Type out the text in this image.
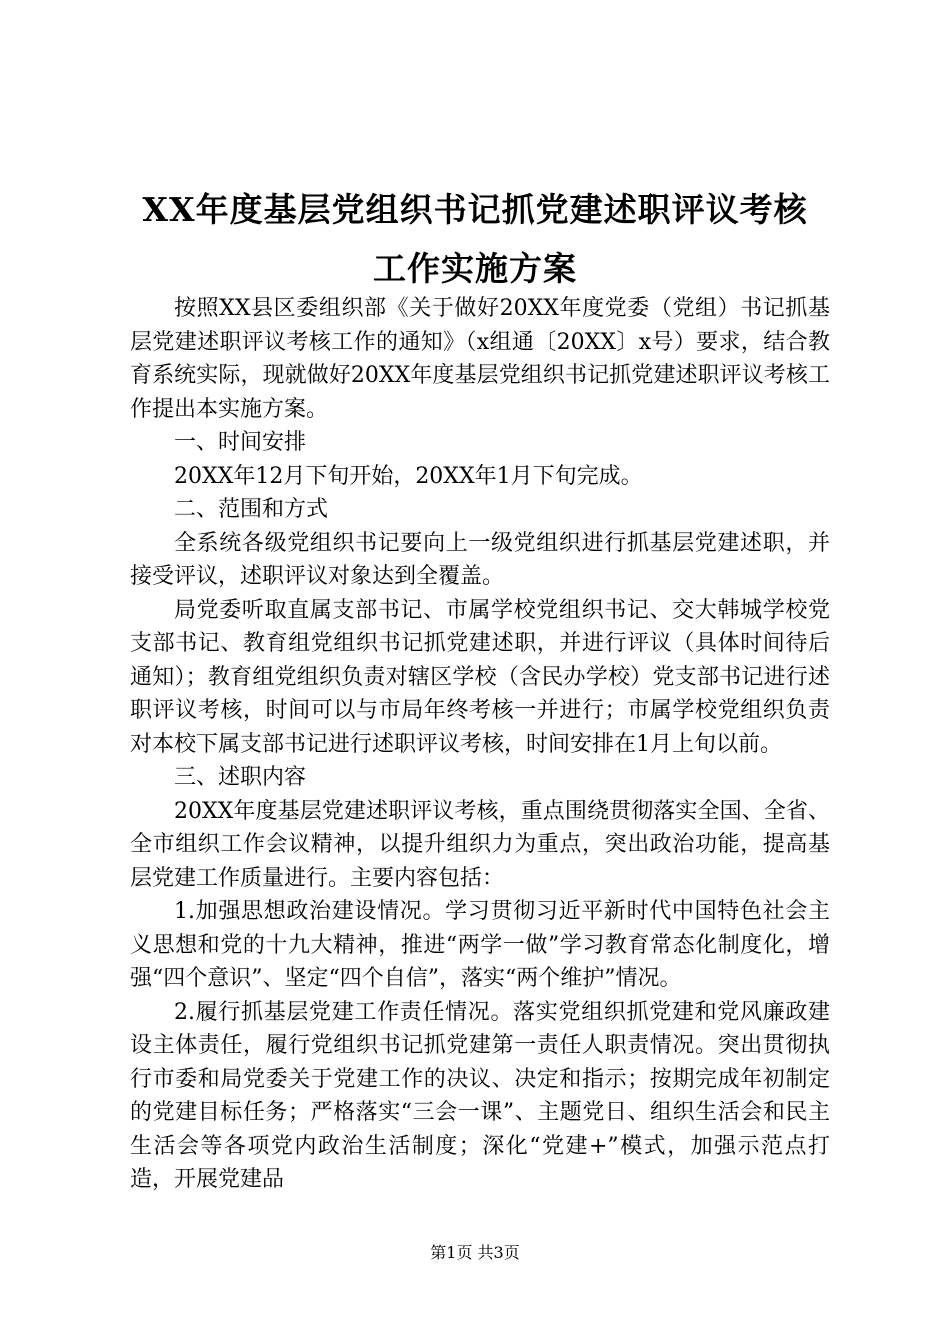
XX年度基层党组织书记抓党建述职评议考核
工作实施方案

按照XX县区委组织部《关于做好20XX年度党委（党组）书记抓基层党建述职评议考核工作的通知》（x组通〔20XX〕x号）要求，结合教育系统实际，现就做好20XX年度基层党组织书记抓党建述职评议考核工作提出本实施方案。

一、时间安排

20XX年12月下旬开始，20XX年1月下旬完成。

二、范围和方式

全系统各级党组织书记要向上一级党组织进行抓基层党建述职，并接受评议，述职评议对象达到全覆盖。

局党委听取直属支部书记、市属学校党组织书记、交大韩城学校党支部书记、教育组党组织书记抓党建述职，并进行评议（具体时间待后通知）；教育组党组织负责对辖区学校（含民办学校）党支部书记进行述职评议考核，时间可以与市局年终考核一并进行；市属学校党组织负责对本校下属支部书记进行述职评议考核，时间安排在1月上旬以前。

三、述职内容

20XX年度基层党建述职评议考核，重点围绕贯彻落实全国、全省、全市组织工作会议精神，以提升组织力为重点，突出政治功能，提高基层党建工作质量进行。主要内容包括：

1.加强思想政治建设情况。学习贯彻习近平新时代中国特色社会主义思想和党的十九大精神，推进“两学一做”学习教育常态化制度化，增强“四个意识”、坚定“四个自信”，落实“两个维护”情况。

2.履行抓基层党建工作责任情况。落实党组织抓党建和党风廉政建设主体责任，履行党组织书记抓党建第一责任人职责情况。突出贯彻执行市委和局党委关于党建工作的决议、决定和指示；按期完成年初制定的党建目标任务；严格落实“三会一课”、主题党日、组织生活会和民主生活会等各项党内政治生活制度；深化“党建+”模式，加强示范点打造，开展党建品

第1页 共3页
